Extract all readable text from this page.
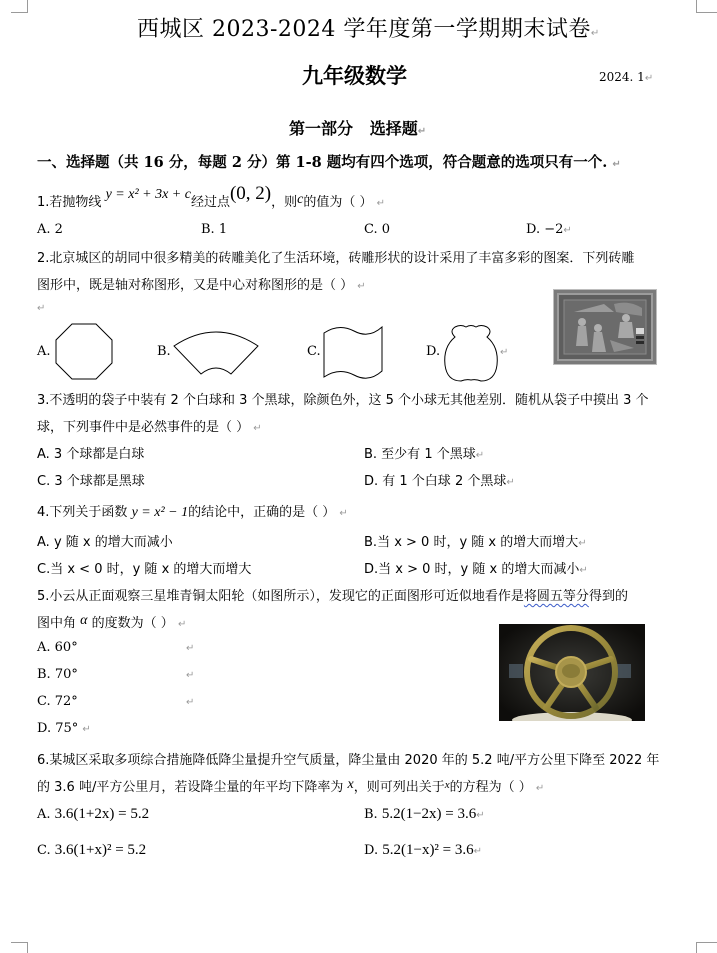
西城区 2023-2024 学年度第一学期期末试卷↵
九年级数学	2024. 1↵
第一部分   选择题↵
一、选择题（共 16 分，每题 2 分）第 1-8 题均有四个选项，符合题意的选项只有一个. ↵
1.若抛物线 y = x² + 3x + c经过点(0, 2)，则c的值为（ ） ↵
A. 2	B. 1	C. 0	D. −2↵
2.北京城区的胡同中很多精美的砖雕美化了生活环境，砖雕形状的设计采用了丰富多彩的图案．下列砖雕
图形中，既是轴对称图形，又是中心对称图形的是（ ） ↵
↵
A.	B.	C.	D.	↵
3.不透明的袋子中装有 2 个白球和 3 个黑球，除颜色外，这 5 个小球无其他差别．随机从袋子中摸出 3 个
球，下列事件中是必然事件的是（ ） ↵
A. 3 个球都是白球	B. 至少有 1 个黑球↵
C. 3 个球都是黑球	D. 有 1 个白球 2 个黑球↵
4.下列关于函数 y = x² − 1的结论中，正确的是（ ） ↵
A. y 随 x 的增大而减小	B.当 x > 0 时，y 随 x 的增大而增大↵
C.当 x < 0 时，y 随 x 的增大而增大	D.当 x > 0 时，y 随 x 的增大而减小↵
5.小云从正面观察三星堆青铜太阳轮（如图所示），发现它的正面图形可近似地看作是将圆五等分得到的
图中角 α 的度数为（ ） ↵
A. 60°	↵
B. 70°	↵
C. 72°	↵
D. 75° ↵
6.某城区采取多项综合措施降低降尘量提升空气质量，降尘量由 2020 年的 5.2 吨/平方公里下降至 2022 年
的 3.6 吨/平方公里月，若设降尘量的年平均下降率为 x，则可列出关于$^x$的方程为（ ） ↵
A. 3.6(1+2x) = 5.2	B. 5.2(1−2x) = 3.6↵
C. 3.6(1+x)² = 5.2	D. 5.2(1−x)² = 3.6↵
